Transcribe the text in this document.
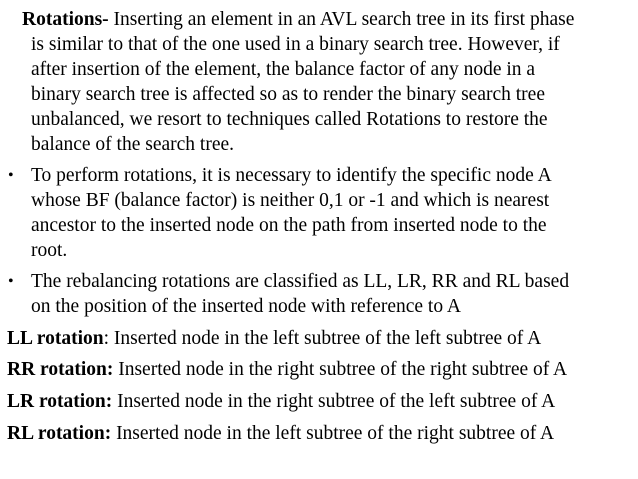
Rotations- Inserting an element in an AVL search tree in its first phase
is similar to that of the one used in a binary search tree. However, if
after insertion of the element, the balance factor of any node in a
binary search tree is affected so as to render the binary search tree
unbalanced, we resort to techniques called Rotations to restore the
balance of the search tree.
• To perform rotations, it is necessary to identify the specific node A
whose BF (balance factor) is neither 0,1 or -1 and which is nearest
ancestor to the inserted node on the path from inserted node to the
root.
• The rebalancing rotations are classified as LL, LR, RR and RL based
on the position of the inserted node with reference to A
LL rotation: Inserted node in the left subtree of the left subtree of A
RR rotation: Inserted node in the right subtree of the right subtree of A
LR rotation: Inserted node in the right subtree of the left subtree of A
RL rotation: Inserted node in the left subtree of the right subtree of A
